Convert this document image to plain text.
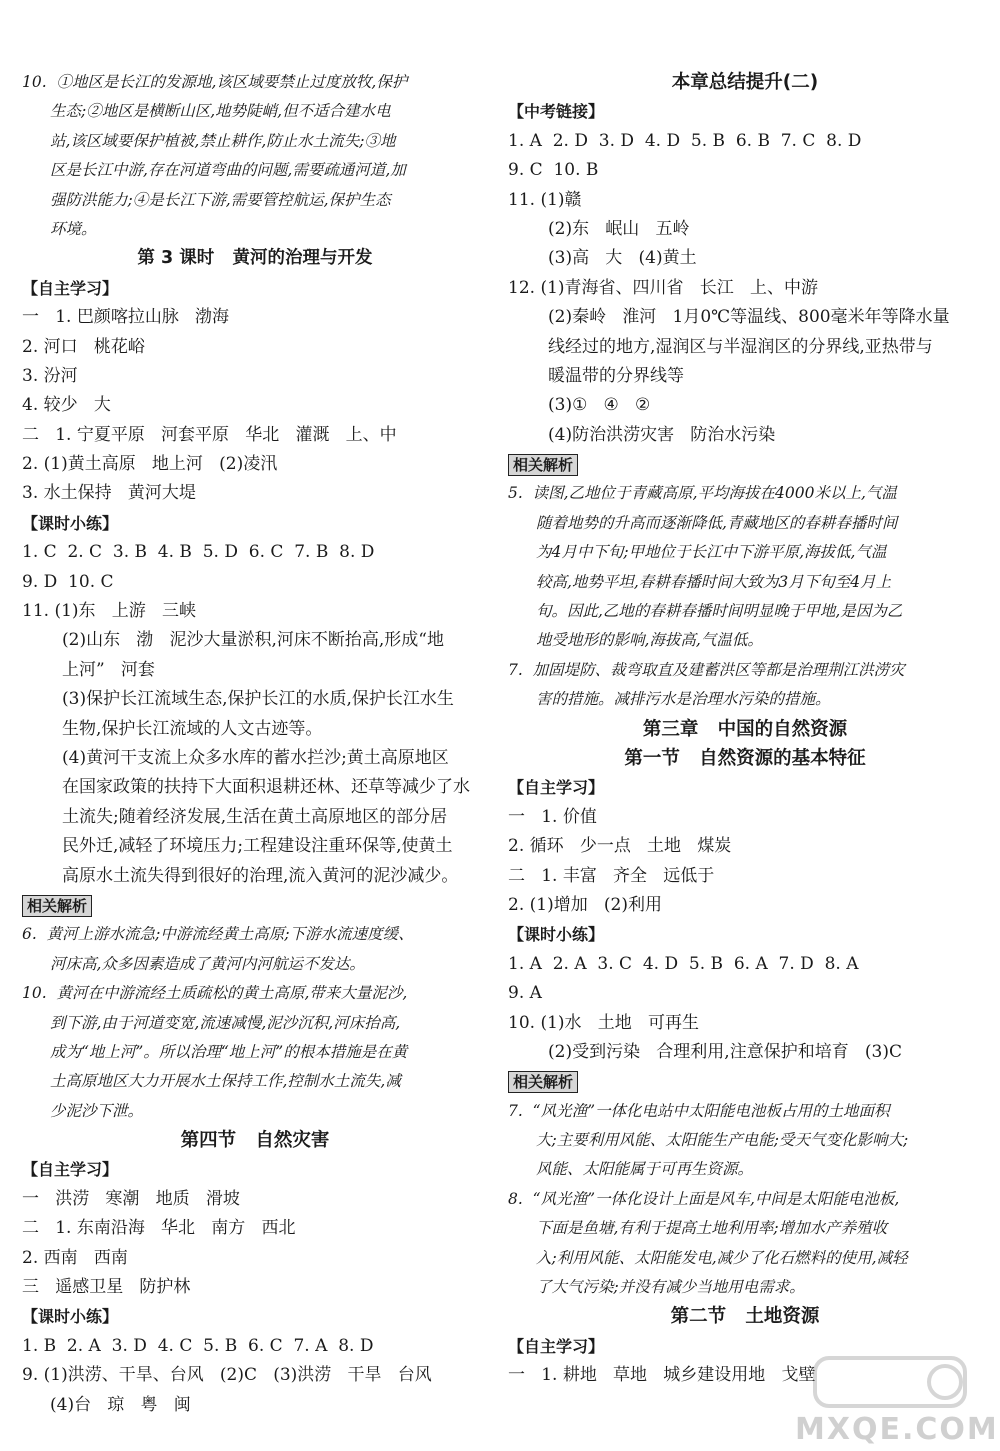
10.  ①地区是长江的发源地,该区域要禁止过度放牧,保护
生态;②地区是横断山区,地势陡峭,但不适合建水电
站,该区域要保护植被,禁止耕作,防止水土流失;③地
区是长江中游,存在河道弯曲的问题,需要疏通河道,加
强防洪能力;④是长江下游,需要管控航运,保护生态
环境。
第 3 课时   黄河的治理与开发
【自主学习】
一   1. 巴颜喀拉山脉   渤海
2. 河口   桃花峪
3. 汾河
4. 较少   大
二   1. 宁夏平原   河套平原   华北   灌溉   上、中
2. (1)黄土高原   地上河   (2)凌汛
3. 水土保持   黄河大堤
【课时小练】
1. C  2. C  3. B  4. B  5. D  6. C  7. B  8. D
9. D  10. C
11. (1)东   上游   三峡
(2)山东   渤   泥沙大量淤积,河床不断抬高,形成“地
上河”   河套
(3)保护长江流域生态,保护长江的水质,保护长江水生
生物,保护长江流域的人文古迹等。
(4)黄河干支流上众多水库的蓄水拦沙;黄土高原地区
在国家政策的扶持下大面积退耕还林、还草等减少了水
土流失;随着经济发展,生活在黄土高原地区的部分居
民外迁,减轻了环境压力;工程建设注重环保等,使黄土
高原水土流失得到很好的治理,流入黄河的泥沙减少。
相关解析
6.  黄河上游水流急;中游流经黄土高原;下游水流速度缓、
河床高,众多因素造成了黄河内河航运不发达。
10.  黄河在中游流经土质疏松的黄土高原,带来大量泥沙,
到下游,由于河道变宽,流速减慢,泥沙沉积,河床抬高,
成为“地上河”。所以治理“地上河”的根本措施是在黄
土高原地区大力开展水土保持工作,控制水土流失,减
少泥沙下泄。
第四节   自然灾害
【自主学习】
一   洪涝   寒潮   地质   滑坡
二   1. 东南沿海   华北   南方   西北
2. 西南   西南
三   遥感卫星   防护林
【课时小练】
1. B  2. A  3. D  4. C  5. B  6. C  7. A  8. D
9. (1)洪涝、干旱、台风   (2)C   (3)洪涝   干旱   台风
(4)台   琼   粤   闽
本章总结提升(二)
【中考链接】
1. A  2. D  3. D  4. D  5. B  6. B  7. C  8. D
9. C  10. B
11. (1)赣
(2)东   岷山   五岭
(3)高   大   (4)黄土
12. (1)青海省、四川省   长江   上、中游
(2)秦岭   淮河   1月0℃等温线、800毫米年等降水量
线经过的地方,湿润区与半湿润区的分界线,亚热带与
暖温带的分界线等
(3)①   ④   ②
(4)防治洪涝灾害   防治水污染
相关解析
5.  读图,乙地位于青藏高原,平均海拔在4000米以上,气温
随着地势的升高而逐渐降低,青藏地区的春耕春播时间
为4月中下旬;甲地位于长江中下游平原,海拔低,气温
较高,地势平坦,春耕春播时间大致为3月下旬至4月上
旬。因此,乙地的春耕春播时间明显晚于甲地,是因为乙
地受地形的影响,海拔高,气温低。
7.  加固堤防、裁弯取直及建蓄洪区等都是治理荆江洪涝灾
害的措施。减排污水是治理水污染的措施。
第三章   中国的自然资源
第一节   自然资源的基本特征
【自主学习】
一   1. 价值
2. 循环   少一点   土地   煤炭
二   1. 丰富   齐全   远低于
2. (1)增加   (2)利用
【课时小练】
1. A  2. A  3. C  4. D  5. B  6. A  7. D  8. A
9. A
10. (1)水   土地   可再生
(2)受到污染   合理利用,注意保护和培育   (3)C
相关解析
7.  “风光渔”一体化电站中太阳能电池板占用的土地面积
大;主要利用风能、太阳能生产电能;受天气变化影响大;
风能、太阳能属于可再生资源。
8.  “风光渔”一体化设计上面是风车,中间是太阳能电池板,
下面是鱼塘,有利于提高土地利用率;增加水产养殖收
入;利用风能、太阳能发电,减少了化石燃料的使用,减轻
了大气污染;并没有减少当地用电需求。
第二节   土地资源
【自主学习】
一   1. 耕地   草地   城乡建设用地   戈壁
MXQE.COM
